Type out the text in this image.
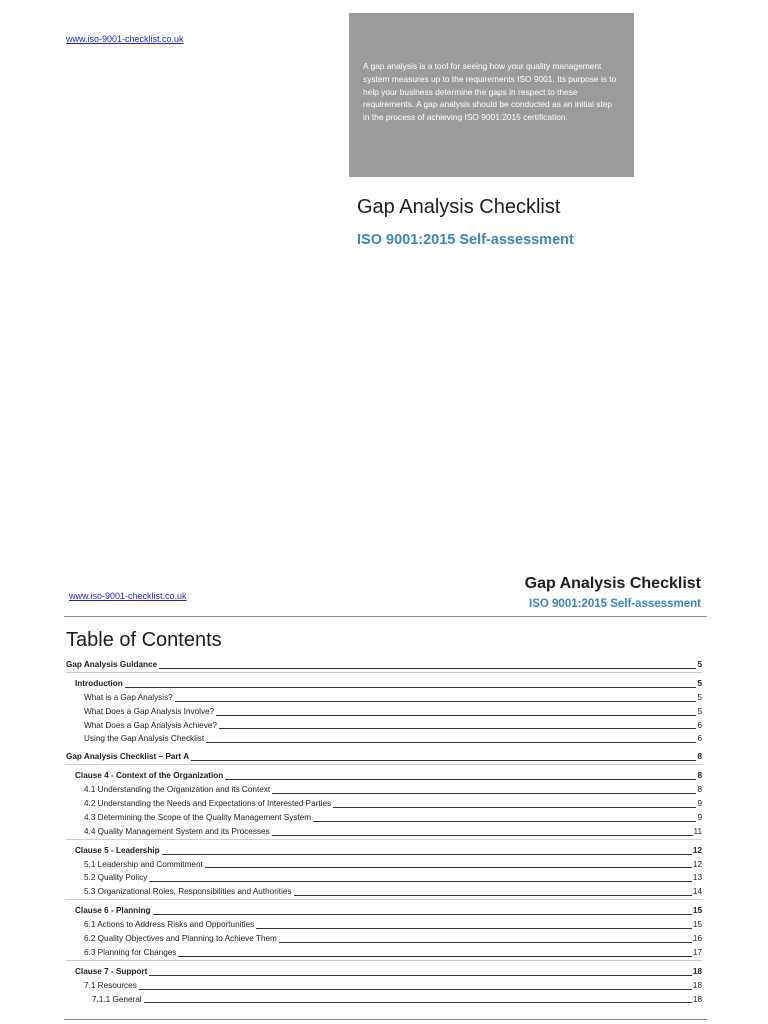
www.iso-9001-checklist.co.uk
A gap analysis is a tool for seeing how your quality management system measures up to the requirements ISO 9001. Its purpose is to help your business determine the gaps in respect to these requirements. A gap analysis should be conducted as an initial step in the process of achieving ISO 9001:2015 certification.
Gap Analysis Checklist
ISO 9001:2015 Self-assessment
www.iso-9001-checklist.co.uk
Gap Analysis Checklist
ISO 9001:2015 Self-assessment
Table of Contents
Gap Analysis Guidance	5
Introduction	5
What is a Gap Analysis?	5
What Does a Gap Analysis Involve?	5
What Does a Gap Analysis Achieve?	6
Using the Gap Analysis Checklist	6
Gap Analysis Checklist – Part A	8
Clause 4 - Context of the Organization	8
4.1 Understanding the Organization and its Context	8
4.2 Understanding the Needs and Expectations of Interested Parties	9
4.3 Determining the Scope of the Quality Management System	9
4.4 Quality Management System and its Processes	11
Clause 5 - Leadership	12
5.1 Leadership and Commitment	12
5.2 Quality Policy	13
5.3 Organizational Roles, Responsibilities and Authorities	14
Clause 6 - Planning	15
6.1 Actions to Address Risks and Opportunities	15
6.2 Quality Objectives and Planning to Achieve Them	16
6.3 Planning for Changes	17
Clause 7 - Support	18
7.1 Resources	18
7.1.1 General	18
